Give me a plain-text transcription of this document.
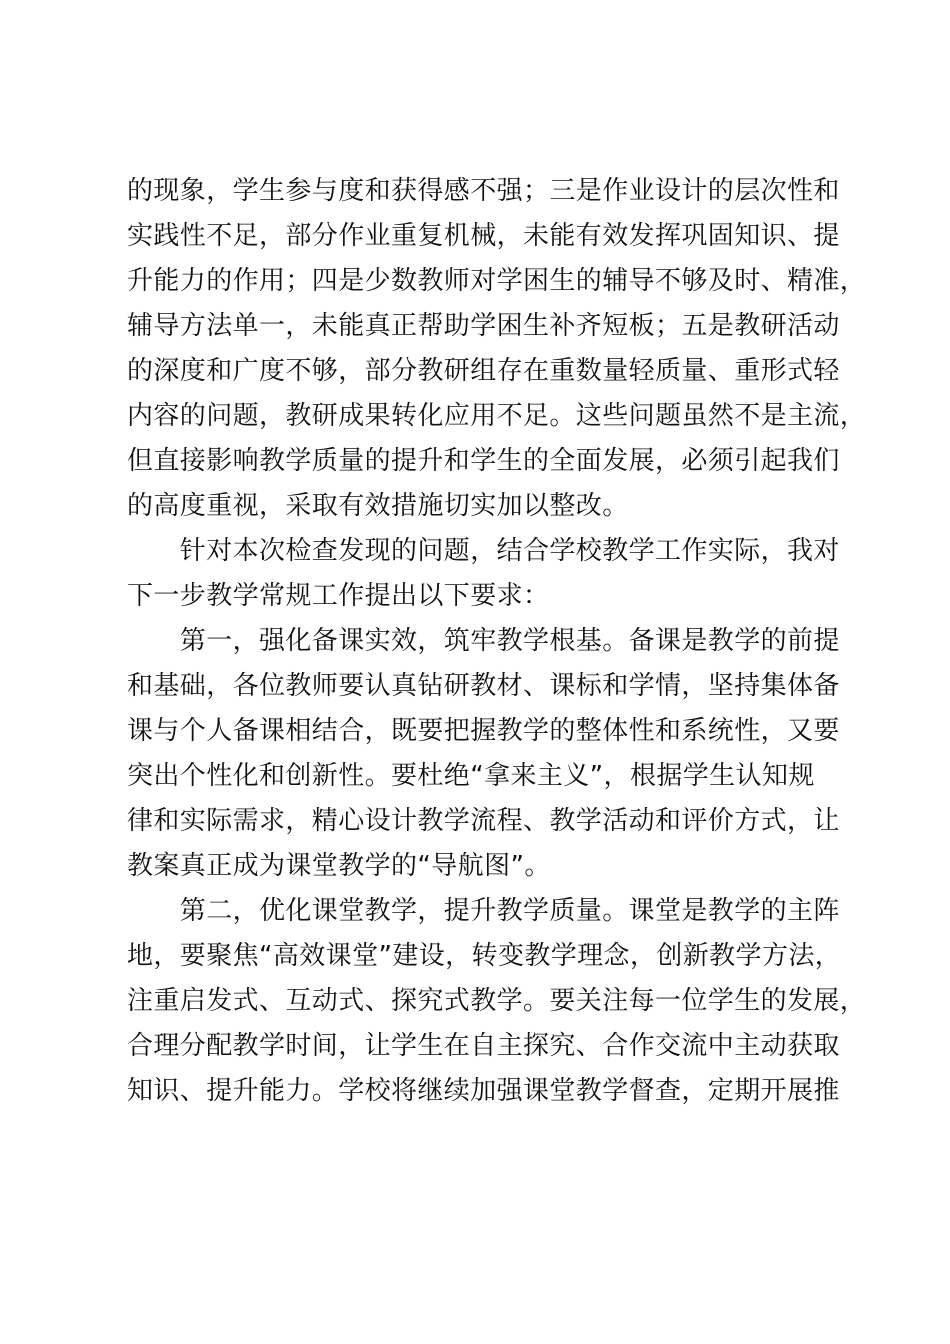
的现象，学生参与度和获得感不强；三是作业设计的层次性和
实践性不足，部分作业重复机械，未能有效发挥巩固知识、提
升能力的作用；四是少数教师对学困生的辅导不够及时、精准，
辅导方法单一，未能真正帮助学困生补齐短板；五是教研活动
的深度和广度不够，部分教研组存在重数量轻质量、重形式轻
内容的问题，教研成果转化应用不足。这些问题虽然不是主流，
但直接影响教学质量的提升和学生的全面发展，必须引起我们
的高度重视，采取有效措施切实加以整改。
　　针对本次检查发现的问题，结合学校教学工作实际，我对
下一步教学常规工作提出以下要求：
　　第一，强化备课实效，筑牢教学根基。备课是教学的前提
和基础，各位教师要认真钻研教材、课标和学情，坚持集体备
课与个人备课相结合，既要把握教学的整体性和系统性，又要
突出个性化和创新性。要杜绝“拿来主义”，根据学生认知规
律和实际需求，精心设计教学流程、教学活动和评价方式，让
教案真正成为课堂教学的“导航图”。
　　第二，优化课堂教学，提升教学质量。课堂是教学的主阵
地，要聚焦“高效课堂”建设，转变教学理念，创新教学方法，
注重启发式、互动式、探究式教学。要关注每一位学生的发展，
合理分配教学时间，让学生在自主探究、合作交流中主动获取
知识、提升能力。学校将继续加强课堂教学督查，定期开展推
